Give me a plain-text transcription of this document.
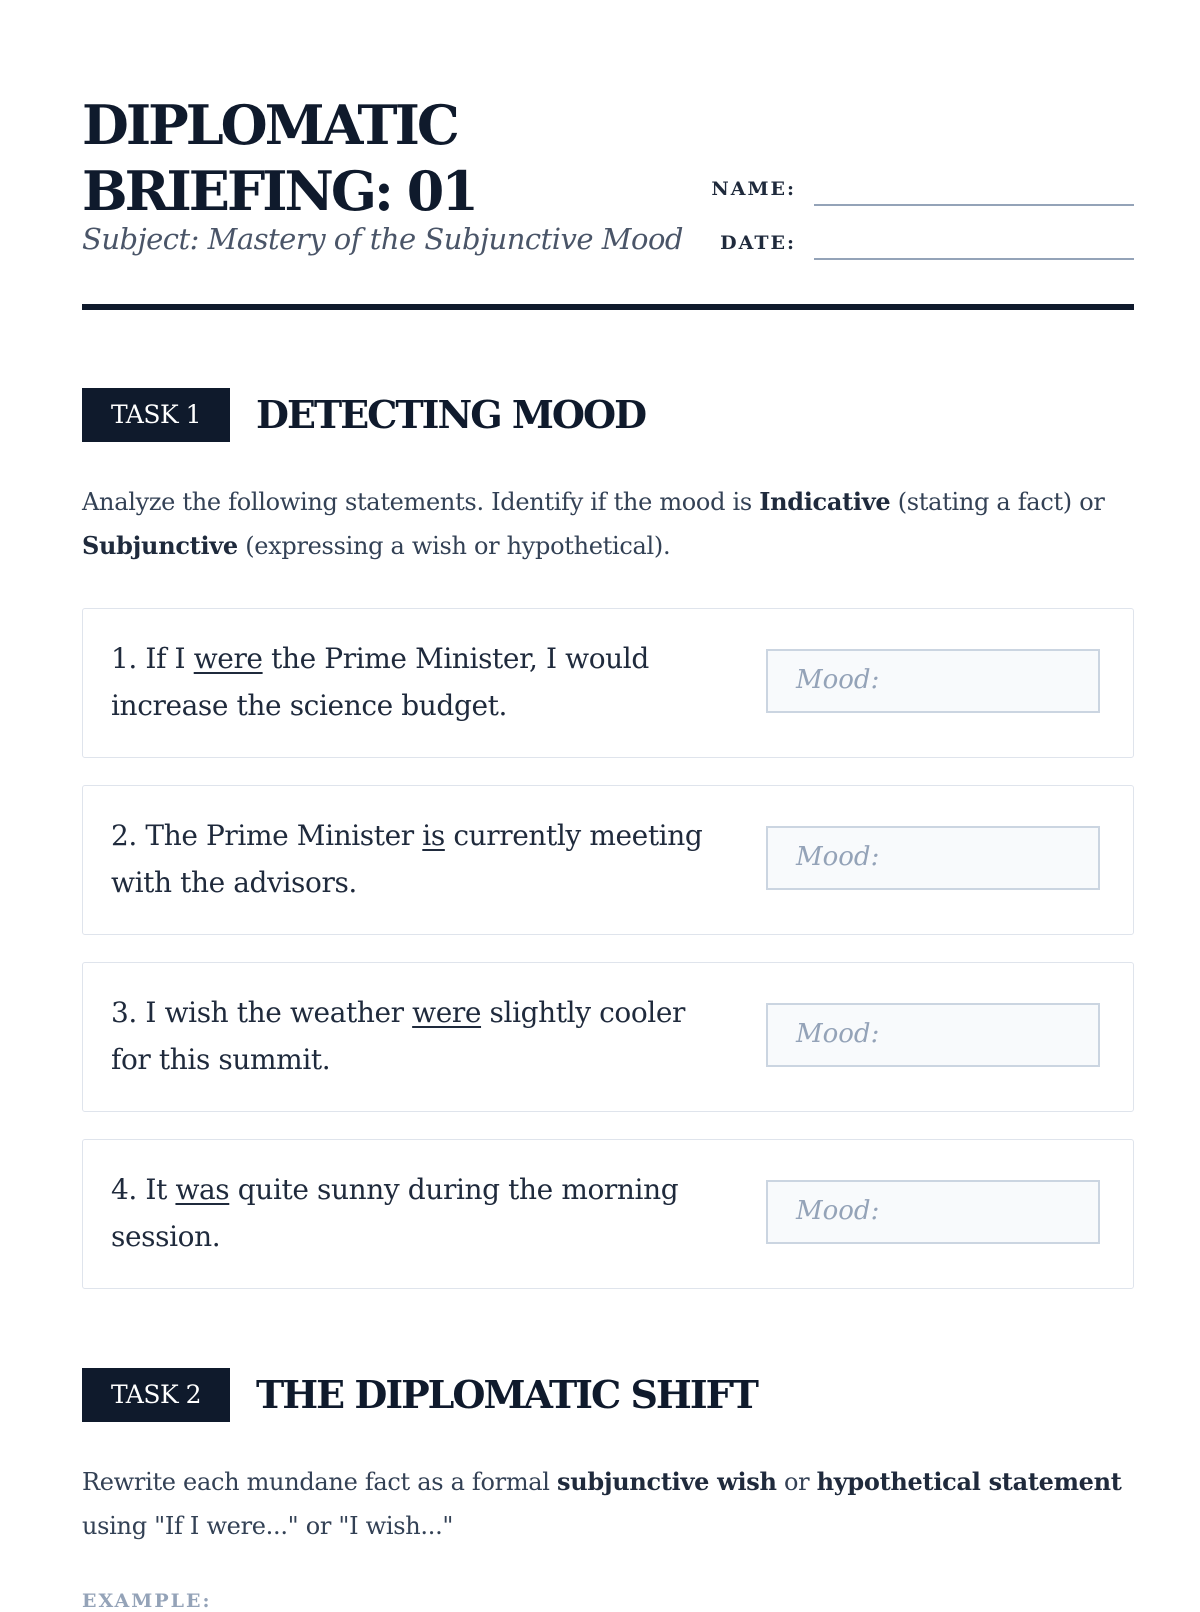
DIPLOMATIC
BRIEFING: 01

Subject: Mastery of the Subjunctive Mood

NAME:
DATE:
TASK 1	DETECTING MOOD

Analyze the following statements. Identify if the mood is Indicative (stating a fact) or Subjunctive (expressing a wish or hypothetical).

1. If I were the Prime Minister, I would increase the science budget.

Mood:

2. The Prime Minister is currently meeting with the advisors.

Mood:

3. I wish the weather were slightly cooler for this summit.

Mood:

4. It was quite sunny during the morning session.

Mood:
TASK 2	THE DIPLOMATIC SHIFT

Rewrite each mundane fact as a formal subjunctive wish or hypothetical statement using "If I were..." or "I wish..."

EXAMPLE:
